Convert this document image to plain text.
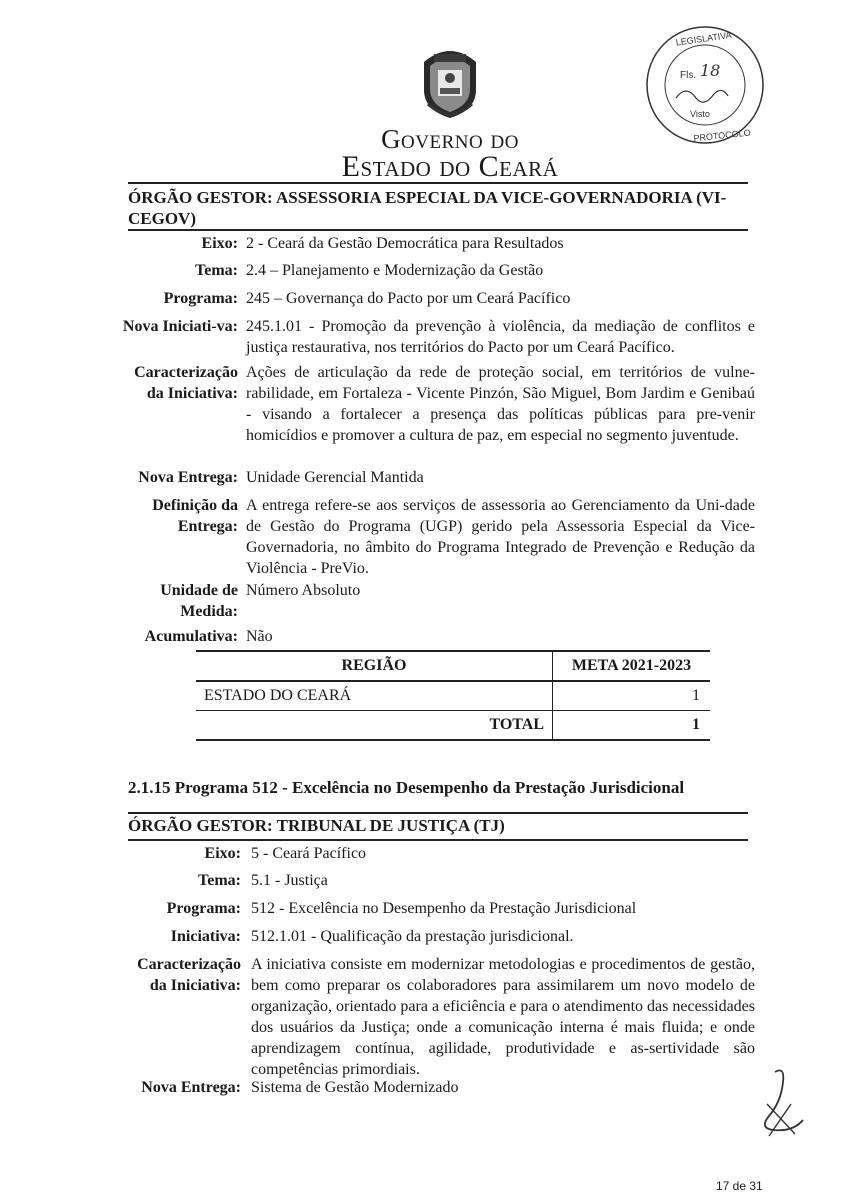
Governo do
Estado do Ceará
Fls. 18
Visto
LEGISLATIVA
PROTOCOLO
ÓRGÃO GESTOR: ASSESSORIA ESPECIAL DA VICE-GOVERNADORIA (VI-CEGOV)
Eixo: 2 - Ceará da Gestão Democrática para Resultados
Tema: 2.4 – Planejamento e Modernização da Gestão
Programa: 245 – Governança do Pacto por um Ceará Pacífico
Nova Iniciati-va: 245.1.01 - Promoção da prevenção à violência, da mediação de conflitos e justiça restaurativa, nos territórios do Pacto por um Ceará Pacífico.
Caracterização da Iniciativa:
Ações de articulação da rede de proteção social, em territórios de vulne-rabilidade, em Fortaleza - Vicente Pinzón, São Miguel, Bom Jardim e Genibaú - visando a fortalecer a presença das políticas públicas para pre-venir homicídios e promover a cultura de paz, em especial no segmento juventude.
Nova Entrega: Unidade Gerencial Mantida
Definição da Entrega:
A entrega refere-se aos serviços de assessoria ao Gerenciamento da Uni-dade de Gestão do Programa (UGP) gerido pela Assessoria Especial da Vice-Governadoria, no âmbito do Programa Integrado de Prevenção e Redução da Violência - PreVio.
Unidade de Medida:
Número Absoluto
Acumulativa: Não
REGIÃO	META 2021-2023
ESTADO DO CEARÁ	1
TOTAL	1
2.1.15 Programa 512 - Excelência no Desempenho da Prestação Jurisdicional
ÓRGÃO GESTOR: TRIBUNAL DE JUSTIÇA (TJ)
Eixo: 5 - Ceará Pacífico
Tema: 5.1 - Justiça
Programa: 512 - Excelência no Desempenho da Prestação Jurisdicional
Iniciativa: 512.1.01 - Qualificação da prestação jurisdicional.
Caracterização da Iniciativa:
A iniciativa consiste em modernizar metodologias e procedimentos de gestão, bem como preparar os colaboradores para assimilarem um novo modelo de organização, orientado para a eficiência e para o atendimento das necessidades dos usuários da Justiça; onde a comunicação interna é mais fluida; e onde aprendizagem contínua, agilidade, produtividade e as-sertividade são competências primordiais.
Nova Entrega: Sistema de Gestão Modernizado
17 de 31
